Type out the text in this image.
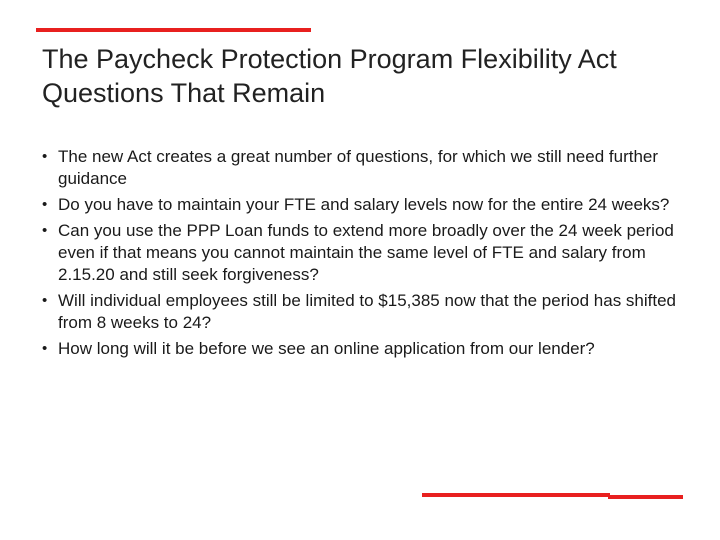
The Paycheck Protection Program Flexibility Act
Questions That Remain
• The new Act creates a great number of questions, for which we still need further guidance
• Do you have to maintain your FTE and salary levels now for the entire 24 weeks?
• Can you use the PPP Loan funds to extend more broadly over the 24 week period even if that means you cannot maintain the same level of FTE and salary from 2.15.20 and still seek forgiveness?
• Will individual employees still be limited to $15,385 now that the period has shifted from 8 weeks to 24?
• How long will it be before we see an online application from our lender?
